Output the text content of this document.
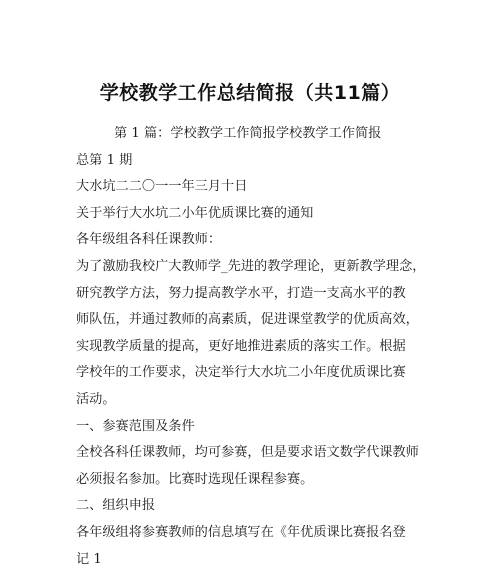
学校教学工作总结简报（共11篇）
第 1 篇：学校教学工作简报学校教学工作简报
总第 1 期
大水坑二二〇一一年三月十日
关于举行大水坑二小年优质课比赛的通知
各年级组各科任课教师：
为了激励我校广大教师学_先进的教学理论，更新教学理念，
研究教学方法，努力提高教学水平，打造一支高水平的教
师队伍，并通过教师的高素质，促进课堂教学的优质高效，
实现教学质量的提高，更好地推进素质的落实工作。根据
学校年的工作要求，决定举行大水坑二小年度优质课比赛
活动。
一、参赛范围及条件
全校各科任课教师，均可参赛，但是要求语文数学代课教师
必须报名参加。比赛时选现任课程参赛。
二、组织申报
各年级组将参赛教师的信息填写在《年优质课比赛报名登
记 1
